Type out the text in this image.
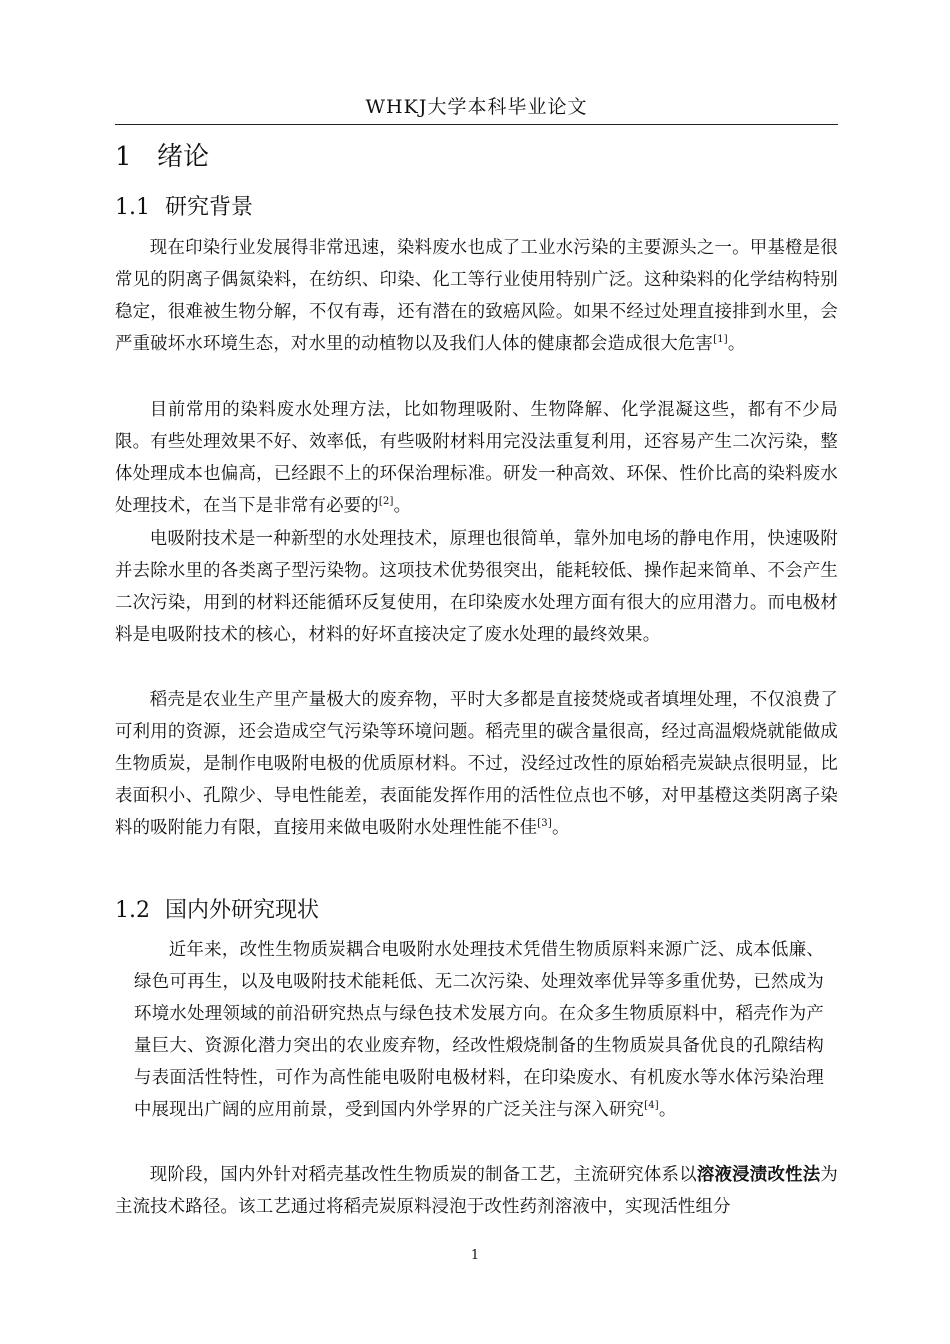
WHKJ大学本科毕业论文
1 绪论
1.1 研究背景

现在印染行业发展得非常迅速，染料废水也成了工业水污染的主要源头之一。甲基橙是很常见的阴离子偶氮染料，在纺织、印染、化工等行业使用特别广泛。这种染料的化学结构特别稳定，很难被生物分解，不仅有毒，还有潜在的致癌风险。如果不经过处理直接排到水里，会严重破坏水环境生态，对水里的动植物以及我们人体的健康都会造成很大危害[1]。

目前常用的染料废水处理方法，比如物理吸附、生物降解、化学混凝这些，都有不少局限。有些处理效果不好、效率低，有些吸附材料用完没法重复利用，还容易产生二次污染，整体处理成本也偏高，已经跟不上的环保治理标准。研发一种高效、环保、性价比高的染料废水处理技术，在当下是非常有必要的[2]。

电吸附技术是一种新型的水处理技术，原理也很简单，靠外加电场的静电作用，快速吸附并去除水里的各类离子型污染物。这项技术优势很突出，能耗较低、操作起来简单、不会产生二次污染，用到的材料还能循环反复使用，在印染废水处理方面有很大的应用潜力。而电极材料是电吸附技术的核心，材料的好坏直接决定了废水处理的最终效果。

稻壳是农业生产里产量极大的废弃物，平时大多都是直接焚烧或者填埋处理，不仅浪费了可利用的资源，还会造成空气污染等环境问题。稻壳里的碳含量很高，经过高温煅烧就能做成生物质炭，是制作电吸附电极的优质原材料。不过，没经过改性的原始稻壳炭缺点很明显，比表面积小、孔隙少、导电性能差，表面能发挥作用的活性位点也不够，对甲基橙这类阴离子染料的吸附能力有限，直接用来做电吸附水处理性能不佳[3]。

1.2 国内外研究现状

近年来，改性生物质炭耦合电吸附水处理技术凭借生物质原料来源广泛、成本低廉、绿色可再生，以及电吸附技术能耗低、无二次污染、处理效率优异等多重优势，已然成为环境水处理领域的前沿研究热点与绿色技术发展方向。在众多生物质原料中，稻壳作为产量巨大、资源化潜力突出的农业废弃物，经改性煅烧制备的生物质炭具备优良的孔隙结构与表面活性特性，可作为高性能电吸附电极材料，在印染废水、有机废水等水体污染治理中展现出广阔的应用前景，受到国内外学界的广泛关注与深入研究[4]。

现阶段，国内外针对稻壳基改性生物质炭的制备工艺，主流研究体系以溶液浸渍改性法为主流技术路径。该工艺通过将稻壳炭原料浸泡于改性药剂溶液中，实现活性组分

1
